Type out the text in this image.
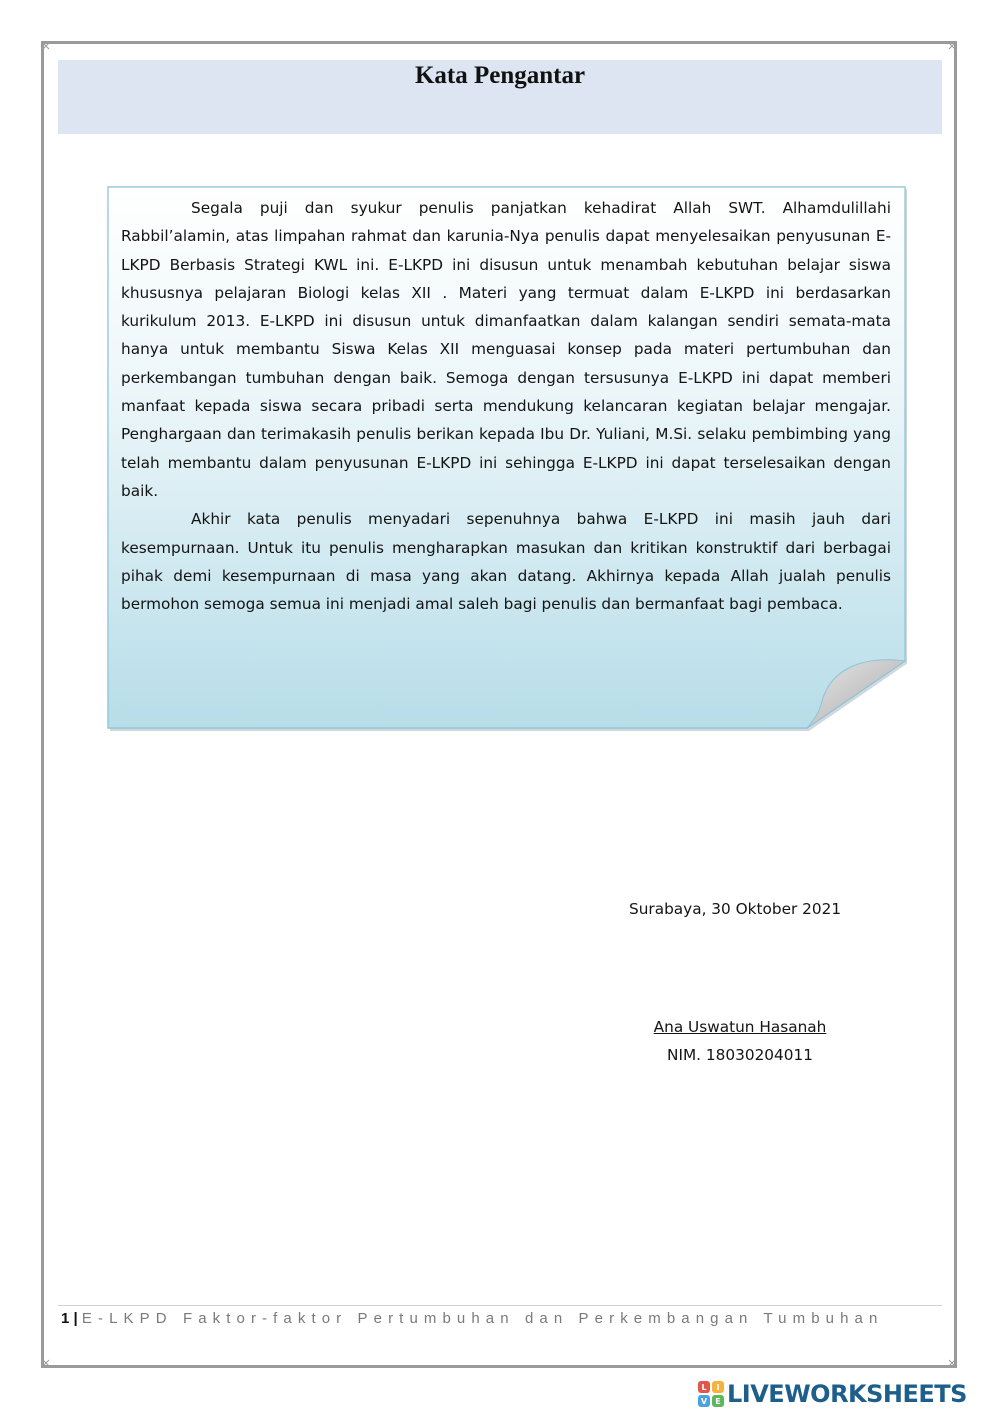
Kata Pengantar

Segala puji dan syukur penulis panjatkan kehadirat Allah SWT. Alhamdulillahi Rabbil’alamin, atas limpahan rahmat dan karunia-Nya penulis dapat menyelesaikan penyusunan E-LKPD Berbasis Strategi KWL ini. E-LKPD ini disusun untuk menambah kebutuhan belajar siswa khususnya pelajaran Biologi kelas XII . Materi yang termuat dalam E-LKPD ini berdasarkan kurikulum 2013. E-LKPD ini disusun untuk dimanfaatkan dalam kalangan sendiri semata-mata hanya untuk membantu Siswa Kelas XII menguasai konsep pada materi pertumbuhan dan perkembangan tumbuhan dengan baik. Semoga dengan tersusunya E-LKPD ini dapat memberi manfaat kepada siswa secara pribadi serta mendukung kelancaran kegiatan belajar mengajar. Penghargaan dan terimakasih penulis berikan kepada Ibu Dr. Yuliani, M.Si. selaku pembimbing yang telah membantu dalam penyusunan E-LKPD ini sehingga E-LKPD ini dapat terselesaikan dengan baik.

Akhir kata penulis menyadari sepenuhnya bahwa E-LKPD ini masih jauh dari kesempurnaan. Untuk itu penulis mengharapkan masukan dan kritikan konstruktif dari berbagai pihak demi kesempurnaan di masa yang akan datang. Akhirnya kepada Allah jualah penulis bermohon semoga semua ini menjadi amal saleh bagi penulis dan bermanfaat bagi pembaca.

Surabaya, 30 Oktober 2021
Ana Uswatun Hasanah
NIM. 18030204011
1 | E-LKPD Faktor-faktor Pertumbuhan dan Perkembangan Tumbuhan
L	I
V	E LIVEWORKSHEETS
